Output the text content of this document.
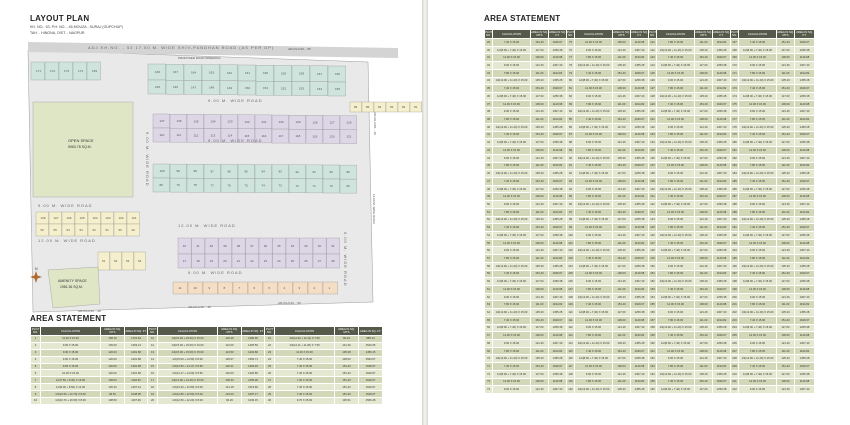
LAYOUT PLAN
KH. NO.- 53, P.H. NO. - 45 MOUZA - SURAJ (GUPCHUP)
TAH. - HINGNA, DIST. - NAGPUR
ADJ.KH.NO. - 52 17.50 M. WIDE SHIV-PANDHAN ROAD (AS PER DP)	ADJ.KH.NO. - 55
PROPOSED ROAD WIDENING
171	172	173	174	169	166	167	164	163	162	161	160	159	158	157	156
145	146	147	148	149	150	151	152	153	154	155
137	136	135	134	133	132	131	130	129	128	127	126
110	111	112	113	114	115	116	117	118	119	120	121
100	99	98	97	96	95	94	93	92	91	90	89
80	79	78	77	76	75	74	73	72	71	70	69
42	41	40	39	38	37	36	35	34	33	32	31
17	18	19	20	21	22	23	24	25	26	27	28
11	10	9	8	7	6	5	4	3	2	1
108	107	106	105	104	103	102	101
56	55	54	53	52	51	50	49
51	52	53	54
86	85	84	83	82	81
OPEN SPACE
5960.78 SQ.M.
AMENITY SPACE
1981.36 SQ.M.
9.00 M. WIDE ROAD
9.00 M. WIDE ROAD
9.00 M. WIDE ROAD
12.00 M. WIDE ROAD
12.00 M. WIDE ROAD
9.00 M. WIDE ROAD
9.00 M. WIDE ROAD
9.00 M. WIDE ROAD
ADJ.KH.NO. - 50
ADJ.KH.NO. - 49
ADJ.KH.NO. - 48
ADJ.KH.NO. - 48
12.00 M. WIDE ROAD
N
AREA STATEMENT
PLOT NO.	CALCULATION	AREA IN SQ. MTS	AREA IN SQ. FT.	PLOT NO.	CALCULATION	AREA IN SQ. MTS	AREA IN SQ. FT.	PLOT NO.	CALCULATION	AREA IN SQ. MTS	AREA IN SQ. FT.
1	11.00 X 15.00	158.10	1701.64	11	1/2(15.20 + 15.00) X 15.00	120.46	1296.65	21	1/2(12.20 + 12.11) X 7.50	82.23	885.13
2	9.00 X 15.00	135.00	1453.13	12	1/2(15.00 + 15.00) X 10.00	112.00	1205.59	22	1/2(12.11 + 11.00) X 7.50	141.40	1522.05
3	9.00 X 15.00	120.00	1291.68	13	1/2(15.00 + 15.00) X 15.00	114.53	1232.80	23	11.00 X 15.00	135.28	1456.15
4	9.00 X 15.00	120.00	1291.68	14	1/2(15.00 + 14.50) X 8.00	125.67	1352.71	24	7.40 X 15.00	148.00	1593.07
5	9.00 X 15.00	120.00	1291.68	15	1/2(14.50 + 14.17) X 8.50	120.21	1293.94	25	7.40 X 15.00	151.40	1629.67
6	10.25 X 15.00	120.00	1291.68	16	1/2(14.17 + 14.00) X 8.50	132.00	1420.85	26	7.40 X 15.00	151.40	1629.67
7	1/2(7.50 + 8.30) X 15.00	108.00	1162.52	17	1/2(14.00 + 13.20) X 15.00	135.20	1455.28	27	7.40 X 15.00	151.40	1629.67
8	1/2(9.00 + 8.50) X 12.00	135.40	1457.44	18	1/2(13.20 + 12.80) X 8.00	141.18	1519.66	28	7.40 X 15.00	151.40	1629.67
9	1/2(10.50 + 10.70) X 8.00	96.52	1038.95	19	1/2(12.80 + 12.50) X 8.00	101.00	1087.17	29	7.40 X 15.00	151.40	1629.67
10	1/2(10.70 + 16.50) X 8.00	108.50	1167.90	20	1/2(12.50 + 12.20) X 8.00	96.26	1036.15	30	9.70 X 15.00	145.51	1566.28
AREA STATEMENT
PLOT NO.	CALCULATION	AREA IN SQ. MTS	AREA IN SQ. FT.	PLOT NO.	CALCULATION	AREA IN SQ. MTS	AREA IN SQ. FT.	PLOT NO.	CALCULATION	AREA IN SQ. MTS	AREA IN SQ. FT.	PLOT NO.	CALCULATION	AREA IN SQ. MTS	AREA IN SQ. FT.
29	7.40 X 15.00	151.40	1629.67	75	12.00 X 15.00	106.00	1140.98	121	7.80 X 15.00	111.00	1194.82	167	7.40 X 15.00	151.40	1629.67
30	1/2(8.00 + 7.40) X 15.00	117.00	1259.38	76	9.00 X 15.00	121.46	1307.40	122	1/2(12.00 + 11.40) X 15.00	135.20	1455.28	168	1/2(8.00 + 7.40) X 15.00	117.00	1259.38
31	12.00 X 15.00	106.00	1140.98	77	7.80 X 15.00	111.00	1194.82	123	7.40 X 15.00	151.40	1629.67	169	12.00 X 15.00	106.00	1140.98
32	9.00 X 15.00	121.46	1307.40	78	1/2(12.00 + 11.40) X 15.00	135.20	1455.28	124	1/2(8.00 + 7.40) X 15.00	117.00	1259.38	170	9.00 X 15.00	121.46	1307.40
33	7.80 X 15.00	111.00	1194.82	79	7.40 X 15.00	151.40	1629.67	125	12.00 X 15.00	106.00	1140.98	171	7.80 X 15.00	111.00	1194.82
34	1/2(12.00 + 11.40) X 15.00	135.20	1455.28	80	1/2(8.00 + 7.40) X 15.00	117.00	1259.38	126	9.00 X 15.00	121.46	1307.40	172	1/2(12.00 + 11.40) X 15.00	135.20	1455.28
35	7.40 X 15.00	151.40	1629.67	81	12.00 X 15.00	106.00	1140.98	127	7.80 X 15.00	111.00	1194.82	173	7.40 X 15.00	151.40	1629.67
36	1/2(8.00 + 7.40) X 15.00	117.00	1259.38	82	9.00 X 15.00	121.46	1307.40	128	1/2(12.00 + 11.40) X 15.00	135.20	1455.28	174	1/2(8.00 + 7.40) X 15.00	117.00	1259.38
37	12.00 X 15.00	106.00	1140.98	83	7.80 X 15.00	111.00	1194.82	129	7.40 X 15.00	151.40	1629.67	175	12.00 X 15.00	106.00	1140.98
38	9.00 X 15.00	121.46	1307.40	84	1/2(12.00 + 11.40) X 15.00	135.20	1455.28	130	1/2(8.00 + 7.40) X 15.00	117.00	1259.38	176	9.00 X 15.00	121.46	1307.40
39	7.80 X 15.00	111.00	1194.82	85	7.40 X 15.00	151.40	1629.67	131	12.00 X 15.00	106.00	1140.98	177	7.80 X 15.00	111.00	1194.82
40	1/2(12.00 + 11.40) X 15.00	135.20	1455.28	86	1/2(8.00 + 7.40) X 15.00	117.00	1259.38	132	9.00 X 15.00	121.46	1307.40	178	1/2(12.00 + 11.40) X 15.00	135.20	1455.28
41	7.40 X 15.00	151.40	1629.67	87	12.00 X 15.00	106.00	1140.98	133	7.80 X 15.00	111.00	1194.82	179	7.40 X 15.00	151.40	1629.67
42	1/2(8.00 + 7.40) X 15.00	117.00	1259.38	88	9.00 X 15.00	121.46	1307.40	134	1/2(12.00 + 11.40) X 15.00	135.20	1455.28	180	1/2(8.00 + 7.40) X 15.00	117.00	1259.38
43	12.00 X 15.00	106.00	1140.98	89	7.80 X 15.00	111.00	1194.82	135	7.40 X 15.00	151.40	1629.67	181	12.00 X 15.00	106.00	1140.98
44	9.00 X 15.00	121.46	1307.40	90	1/2(12.00 + 11.40) X 15.00	135.20	1455.28	136	1/2(8.00 + 7.40) X 15.00	117.00	1259.38	182	9.00 X 15.00	121.46	1307.40
45	7.80 X 15.00	111.00	1194.82	91	7.40 X 15.00	151.40	1629.67	137	12.00 X 15.00	106.00	1140.98	183	7.80 X 15.00	111.00	1194.82
46	1/2(12.00 + 11.40) X 15.00	135.20	1455.28	92	1/2(8.00 + 7.40) X 15.00	117.00	1259.38	138	9.00 X 15.00	121.46	1307.40	184	1/2(12.00 + 11.40) X 15.00	135.20	1455.28
47	7.40 X 15.00	151.40	1629.67	93	12.00 X 15.00	106.00	1140.98	139	7.80 X 15.00	111.00	1194.82	185	7.40 X 15.00	151.40	1629.67
48	1/2(8.00 + 7.40) X 15.00	117.00	1259.38	94	9.00 X 15.00	121.46	1307.40	140	1/2(12.00 + 11.40) X 15.00	135.20	1455.28	186	1/2(8.00 + 7.40) X 15.00	117.00	1259.38
49	12.00 X 15.00	106.00	1140.98	95	7.80 X 15.00	111.00	1194.82	141	7.40 X 15.00	151.40	1629.67	187	12.00 X 15.00	106.00	1140.98
50	9.00 X 15.00	121.46	1307.40	96	1/2(12.00 + 11.40) X 15.00	135.20	1455.28	142	1/2(8.00 + 7.40) X 15.00	117.00	1259.38	188	9.00 X 15.00	121.46	1307.40
51	7.80 X 15.00	111.00	1194.82	97	7.40 X 15.00	151.40	1629.67	143	12.00 X 15.00	106.00	1140.98	189	7.80 X 15.00	111.00	1194.82
52	1/2(12.00 + 11.40) X 15.00	135.20	1455.28	98	1/2(8.00 + 7.40) X 15.00	117.00	1259.38	144	9.00 X 15.00	121.46	1307.40	190	1/2(12.00 + 11.40) X 15.00	135.20	1455.28
53	7.40 X 15.00	151.40	1629.67	99	12.00 X 15.00	106.00	1140.98	145	7.80 X 15.00	111.00	1194.82	191	7.40 X 15.00	151.40	1629.67
54	1/2(8.00 + 7.40) X 15.00	117.00	1259.38	100	9.00 X 15.00	121.46	1307.40	146	1/2(12.00 + 11.40) X 15.00	135.20	1455.28	192	1/2(8.00 + 7.40) X 15.00	117.00	1259.38
55	12.00 X 15.00	106.00	1140.98	101	7.80 X 15.00	111.00	1194.82	147	7.40 X 15.00	151.40	1629.67	193	12.00 X 15.00	106.00	1140.98
56	9.00 X 15.00	121.46	1307.40	102	1/2(12.00 + 11.40) X 15.00	135.20	1455.28	148	1/2(8.00 + 7.40) X 15.00	117.00	1259.38	194	9.00 X 15.00	121.46	1307.40
57	7.80 X 15.00	111.00	1194.82	103	7.40 X 15.00	151.40	1629.67	149	12.00 X 15.00	106.00	1140.98	195	7.80 X 15.00	111.00	1194.82
58	1/2(12.00 + 11.40) X 15.00	135.20	1455.28	104	1/2(8.00 + 7.40) X 15.00	117.00	1259.38	150	9.00 X 15.00	121.46	1307.40	196	1/2(12.00 + 11.40) X 15.00	135.20	1455.28
59	7.40 X 15.00	151.40	1629.67	105	12.00 X 15.00	106.00	1140.98	151	7.80 X 15.00	111.00	1194.82	197	7.40 X 15.00	151.40	1629.67
60	1/2(8.00 + 7.40) X 15.00	117.00	1259.38	106	9.00 X 15.00	121.46	1307.40	152	1/2(12.00 + 11.40) X 15.00	135.20	1455.28	198	1/2(8.00 + 7.40) X 15.00	117.00	1259.38
61	12.00 X 15.00	106.00	1140.98	107	7.80 X 15.00	111.00	1194.82	153	7.40 X 15.00	151.40	1629.67	199	12.00 X 15.00	106.00	1140.98
62	9.00 X 15.00	121.46	1307.40	108	1/2(12.00 + 11.40) X 15.00	135.20	1455.28	154	1/2(8.00 + 7.40) X 15.00	117.00	1259.38	200	9.00 X 15.00	121.46	1307.40
63	7.80 X 15.00	111.00	1194.82	109	7.40 X 15.00	151.40	1629.67	155	12.00 X 15.00	106.00	1140.98	201	7.80 X 15.00	111.00	1194.82
64	1/2(12.00 + 11.40) X 15.00	135.20	1455.28	110	1/2(8.00 + 7.40) X 15.00	117.00	1259.38	156	9.00 X 15.00	121.46	1307.40	202	1/2(12.00 + 11.40) X 15.00	135.20	1455.28
65	7.40 X 15.00	151.40	1629.67	111	12.00 X 15.00	106.00	1140.98	157	7.80 X 15.00	111.00	1194.82	203	7.40 X 15.00	151.40	1629.67
66	1/2(8.00 + 7.40) X 15.00	117.00	1259.38	112	9.00 X 15.00	121.46	1307.40	158	1/2(12.00 + 11.40) X 15.00	135.20	1455.28	204	1/2(8.00 + 7.40) X 15.00	117.00	1259.38
67	12.00 X 15.00	106.00	1140.98	113	7.80 X 15.00	111.00	1194.82	159	7.40 X 15.00	151.40	1629.67	205	12.00 X 15.00	106.00	1140.98
68	9.00 X 15.00	121.46	1307.40	114	1/2(12.00 + 11.40) X 15.00	135.20	1455.28	160	1/2(8.00 + 7.40) X 15.00	117.00	1259.38	206	9.00 X 15.00	121.46	1307.40
69	7.80 X 15.00	111.00	1194.82	115	7.40 X 15.00	151.40	1629.67	161	12.00 X 15.00	106.00	1140.98	207	7.80 X 15.00	111.00	1194.82
70	1/2(12.00 + 11.40) X 15.00	135.20	1455.28	116	1/2(8.00 + 7.40) X 15.00	117.00	1259.38	162	9.00 X 15.00	121.46	1307.40	208	1/2(12.00 + 11.40) X 15.00	135.20	1455.28
71	7.40 X 15.00	151.40	1629.67	117	12.00 X 15.00	106.00	1140.98	163	7.80 X 15.00	111.00	1194.82	209	7.40 X 15.00	151.40	1629.67
72	1/2(8.00 + 7.40) X 15.00	117.00	1259.38	118	9.00 X 15.00	121.46	1307.40	164	1/2(12.00 + 11.40) X 15.00	135.20	1455.28	210	1/2(8.00 + 7.40) X 15.00	117.00	1259.38
73	12.00 X 15.00	106.00	1140.98	119	7.80 X 15.00	111.00	1194.82	165	7.40 X 15.00	151.40	1629.67	211	12.00 X 15.00	106.00	1140.98
74	9.00 X 15.00	121.46	1307.40	120	1/2(12.00 + 11.40) X 15.00	135.20	1455.28	166	1/2(8.00 + 7.40) X 15.00	117.00	1259.38	212	9.00 X 15.00	121.46	1307.40
